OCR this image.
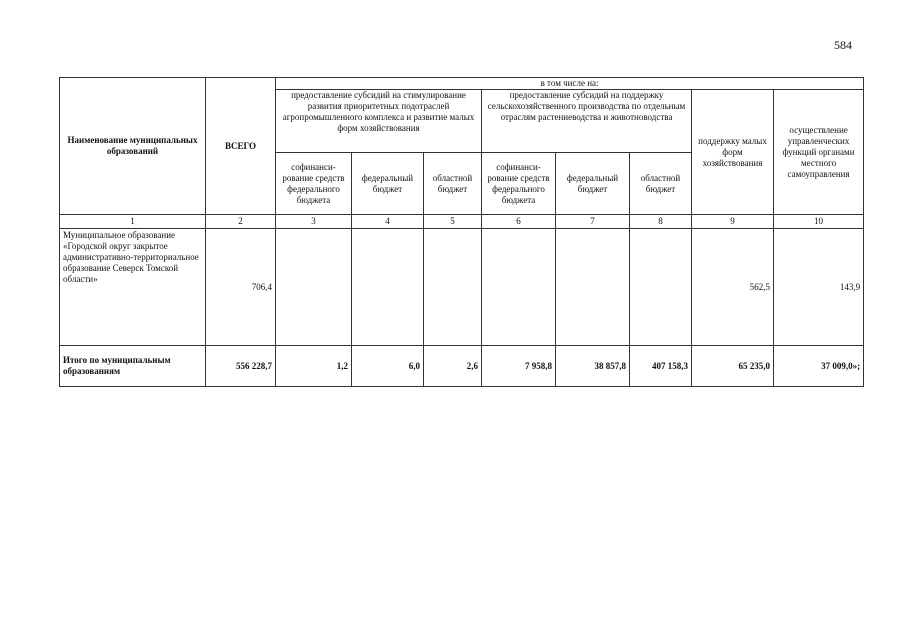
584
Наименование муниципальных образований	ВСЕГО	в том числе на:							
		предоставление субсидий на стимулирование развития приоритетных подотраслей агропромышленного комплекса и развитие малых форм хозяйствования			предоставление субсидий на поддержку сельскохозяйственного производства по отдельным отраслям растениеводства и животноводства			поддержку малых форм хозяйствования	осуществление управленческих функций органами местного самоуправления
		софинанси-рование средств федерального бюджета	федеральный бюджет	областной бюджет	софинанси-рование средств федерального бюджета	федеральный бюджет	областной бюджет		
1	2	3	4	5	6	7	8	9	10
Муниципальное образование «Городской округ закрытое административно-территориальное образование Северск Томской области»	706,4							562,5	143,9
Итого по муниципальным образованиям	556 228,7	1,2	6,0	2,6	7 958,8	38 857,8	407 158,3	65 235,0	37 009,0»;
